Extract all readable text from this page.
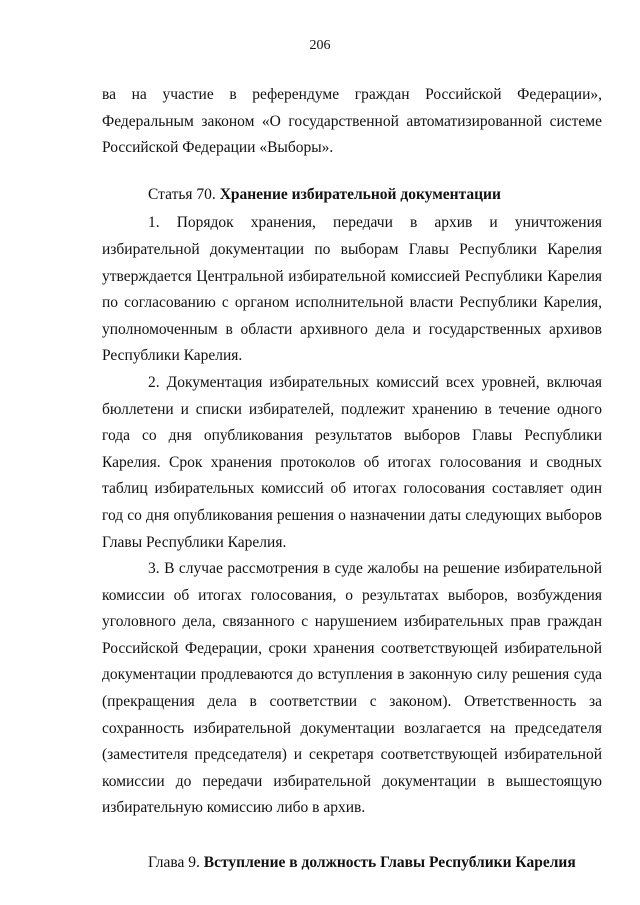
206

ва на участие в референдуме граждан Российской Федерации», Федеральным законом «О государственной автоматизированной системе Российской Федерации «Выборы».

Статья 70. Хранение избирательной документации

1. Порядок хранения, передачи в архив и уничтожения избирательной документации по выборам Главы Республики Карелия утверждается Центральной избирательной комиссией Республики Карелия по согласованию с органом исполнительной власти Республики Карелия, уполномоченным в области архивного дела и государственных архивов Республики Карелия.

2. Документация избирательных комиссий всех уровней, включая бюллетени и списки избирателей, подлежит хранению в течение одного года со дня опубликования результатов выборов Главы Республики Карелия. Срок хранения протоколов об итогах голосования и сводных таблиц избирательных комиссий об итогах голосования составляет один год со дня опубликования решения о назначении даты следующих выборов Главы Республики Карелия.

3. В случае рассмотрения в суде жалобы на решение избирательной комиссии об итогах голосования, о результатах выборов, возбуждения уголовного дела, связанного с нарушением избирательных прав граждан Российской Федерации, сроки хранения соответствующей избирательной документации продлеваются до вступления в законную силу решения суда (прекращения дела в соответствии с законом). Ответственность за сохранность избирательной документации возлагается на председателя (заместителя председателя) и секретаря соответствующей избирательной комиссии до передачи избирательной документации в вышестоящую избирательную комиссию либо в архив.

Глава 9. Вступление в должность Главы Республики Карелия
